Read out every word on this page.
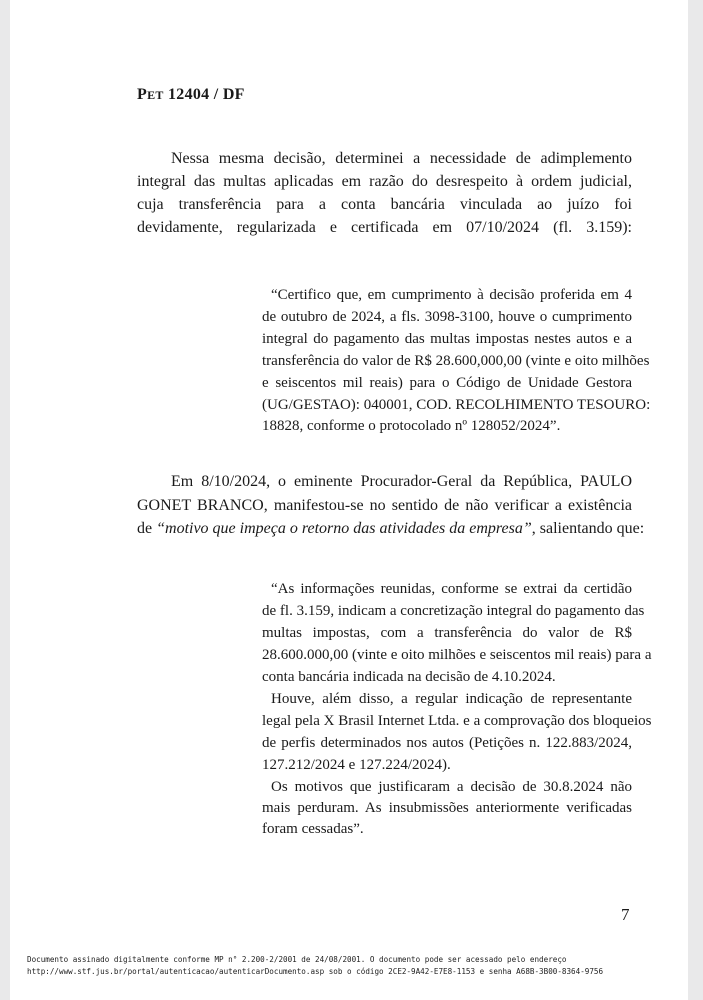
PET 12404 / DF
Nessa mesma decisão, determinei a necessidade de adimplemento
integral das multas aplicadas em razão do desrespeito à ordem judicial,
cuja transferência para a conta bancária vinculada ao juízo foi
devidamente, regularizada e certificada em 07/10/2024 (fl. 3.159):
“Certifico que, em cumprimento à decisão proferida em 4
de outubro de 2024, a fls. 3098-3100, houve o cumprimento
integral do pagamento das multas impostas nestes autos e a
transferência do valor de R$ 28.600,000,00 (vinte e oito milhões
e seiscentos mil reais) para o Código de Unidade Gestora
(UG/GESTAO): 040001, COD. RECOLHIMENTO TESOURO:
18828, conforme o protocolado nº 128052/2024”.
Em 8/10/2024, o eminente Procurador-Geral da República, PAULO
GONET BRANCO, manifestou-se no sentido de não verificar a existência
de “motivo que impeça o retorno das atividades da empresa”, salientando que:
“As informações reunidas, conforme se extrai da certidão
de fl. 3.159, indicam a concretização integral do pagamento das
multas impostas, com a transferência do valor de R$
28.600.000,00 (vinte e oito milhões e seiscentos mil reais) para a
conta bancária indicada na decisão de 4.10.2024.
Houve, além disso, a regular indicação de representante
legal pela X Brasil Internet Ltda. e a comprovação dos bloqueios
de perfis determinados nos autos (Petições n. 122.883/2024,
127.212/2024 e 127.224/2024).
Os motivos que justificaram a decisão de 30.8.2024 não
mais perduram. As insubmissões anteriormente verificadas
foram cessadas”.
7
Documento assinado digitalmente conforme MP n° 2.200-2/2001 de 24/08/2001. O documento pode ser acessado pelo endereço
http://www.stf.jus.br/portal/autenticacao/autenticarDocumento.asp sob o código 2CE2-9A42-E7E8-1153 e senha A68B-3B00-8364-9756
